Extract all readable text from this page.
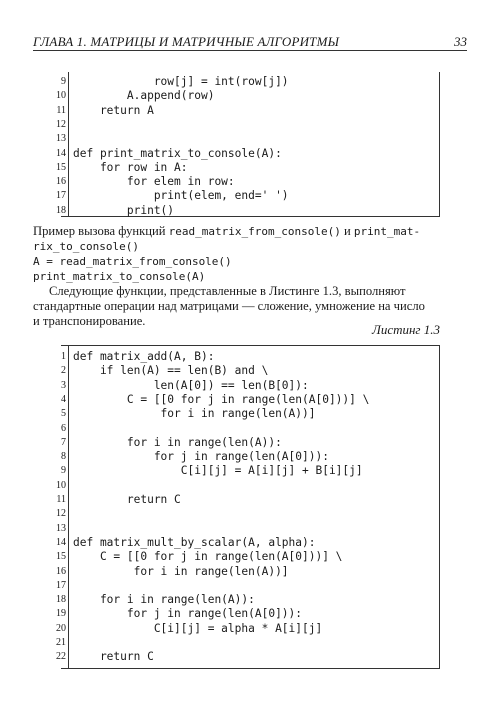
ГЛАВА 1. МАТРИЦЫ И МАТРИЧНЫЕ АЛГОРИТМЫ	33
9 row[j] = int(row[j])
10 A.append(row)
11 return A
12
13
14 def print_matrix_to_console(A):
15 for row in A:
16 for elem in row:
17 print(elem, end=' ')
18 print()
Пример вызова функций read_matrix_from_console() и print_mat-
rix_to_console()
A = read_matrix_from_console()
print_matrix_to_console(A)
Следующие функции, представленные в Листинге 1.3, выполняют
стандартные операции над матрицами — сложение, умножение на число
и транспонирование.
Листинг 1.3
1 def matrix_add(A, B):
2 if len(A) == len(B) and \
3 len(A[0]) == len(B[0]):
4 C = [[0 for j in range(len(A[0]))] \
5 for i in range(len(A))]
6
7 for i in range(len(A)):
8 for j in range(len(A[0])):
9 C[i][j] = A[i][j] + B[i][j]
10
11 return C
12
13
14 def matrix_mult_by_scalar(A, alpha):
15 C = [[0 for j in range(len(A[0]))] \
16 for i in range(len(A))]
17
18 for i in range(len(A)):
19 for j in range(len(A[0])):
20 C[i][j] = alpha * A[i][j]
21
22 return C
